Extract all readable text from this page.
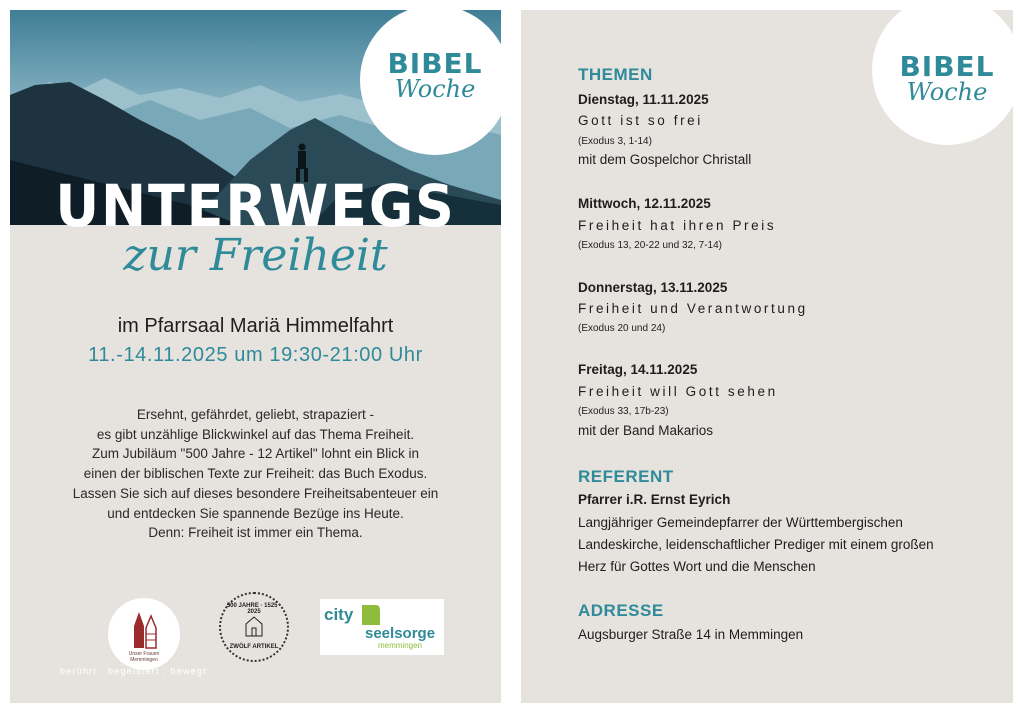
BIBEL
Woche
UNTERWEGS
zur Freiheit
im Pfarrsaal Mariä Himmelfahrt
11.-14.11.2025 um 19:30-21:00 Uhr
Ersehnt, gefährdet, geliebt, strapaziert -
es gibt unzählige Blickwinkel auf das Thema Freiheit.
Zum Jubiläum "500 Jahre - 12 Artikel" lohnt ein Blick in
einen der biblischen Texte zur Freiheit: das Buch Exodus.
Lassen Sie sich auf dieses besondere Freiheitsabenteuer ein
und entdecken Sie spannende Bezüge ins Heute.
Denn: Freiheit ist immer ein Thema.
Unser Frauen
Memmingen
500 JAHRE · 1525 - 2025
ZWÖLF ARTIKEL
city
seelsorge
memmingen
berührt . begeistert . bewegt
BIBEL
Woche
THEMEN
Dienstag, 11.11.2025
Gott ist so frei
(Exodus 3, 1-14)
mit dem Gospelchor Christall
Mittwoch, 12.11.2025
Freiheit hat ihren Preis
(Exodus 13, 20-22 und 32, 7-14)
Donnerstag, 13.11.2025
Freiheit und Verantwortung
(Exodus 20 und 24)
Freitag, 14.11.2025
Freiheit will Gott sehen
(Exodus 33, 17b-23)
mit der Band Makarios
REFERENT
Pfarrer i.R. Ernst Eyrich
Langjähriger Gemeindepfarrer der Württembergischen
Landeskirche, leidenschaftlicher Prediger mit einem großen
Herz für Gottes Wort und die Menschen
ADRESSE
Augsburger Straße 14 in Memmingen
